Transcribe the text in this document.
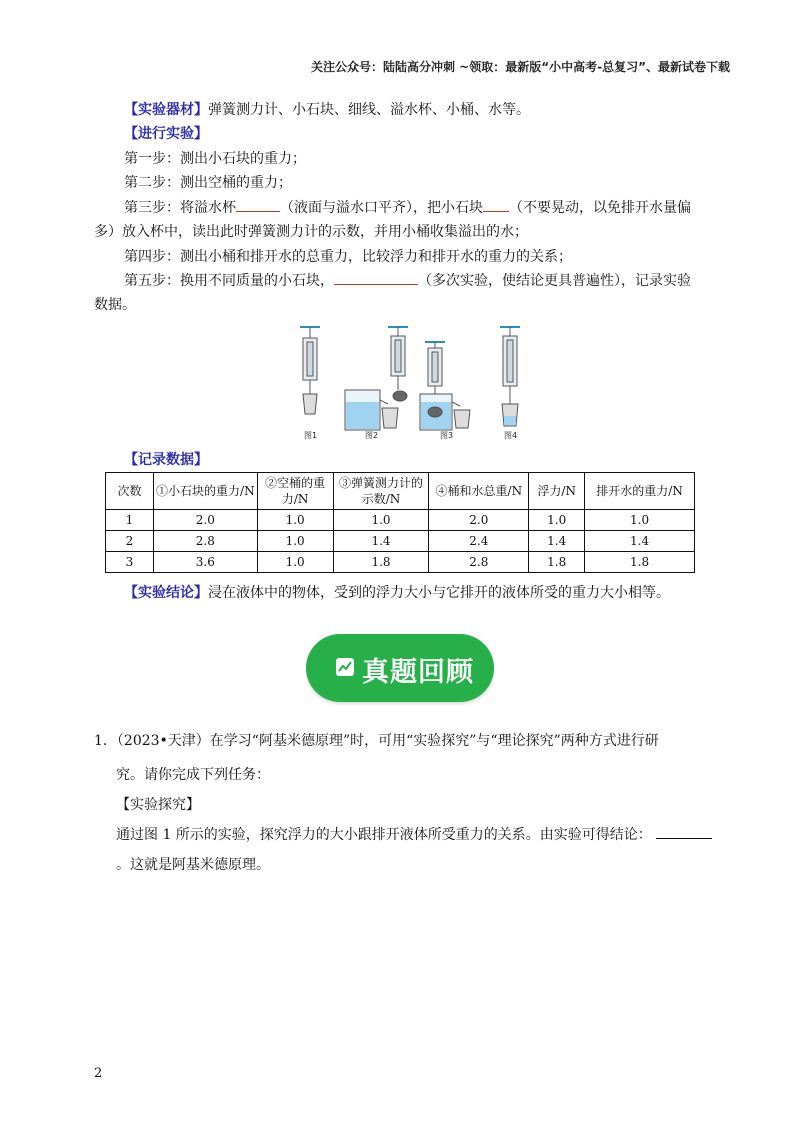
关注公众号：陆陆高分冲刺 ~领取：最新版“小中高考-总复习”、最新试卷下载
【实验器材】弹簧测力计、小石块、细线、溢水杯、小桶、水等。
【进行实验】
第一步：测出小石块的重力；
第二步：测出空桶的重力；
第三步：将溢水杯	（液面与溢水口平齐），把小石块 （不要晃动，以免排开水量偏
多）放入杯中，读出此时弹簧测力计的示数，并用小桶收集溢出的水；
第四步：测出小桶和排开水的总重力，比较浮力和排开水的重力的关系；
第五步：换用不同质量的小石块，	（多次实验，使结论更具普遍性），记录实验
数据。
图1	图2	图3	图4
【记录数据】
次数	①小石块的重力/N	②空桶的重力/N	③弹簧测力计的示数/N	④桶和水总重/N	浮力/N	排开水的重力/N
1	2.0	1.0	1.0	2.0	1.0	1.0
2	2.8	1.0	1.4	2.4	1.4	1.4
3	3.6	1.0	1.8	2.8	1.8	1.8
【实验结论】浸在液体中的物体，受到的浮力大小与它排开的液体所受的重力大小相等。
真题回顾
1．（2023•天津）在学习“阿基米德原理”时，可用“实验探究”与“理论探究”两种方式进行研
究。请你完成下列任务：
【实验探究】
通过图 1 所示的实验，探究浮力的大小跟排开液体所受重力的关系。由实验可得结论：
。这就是阿基米德原理。
2
